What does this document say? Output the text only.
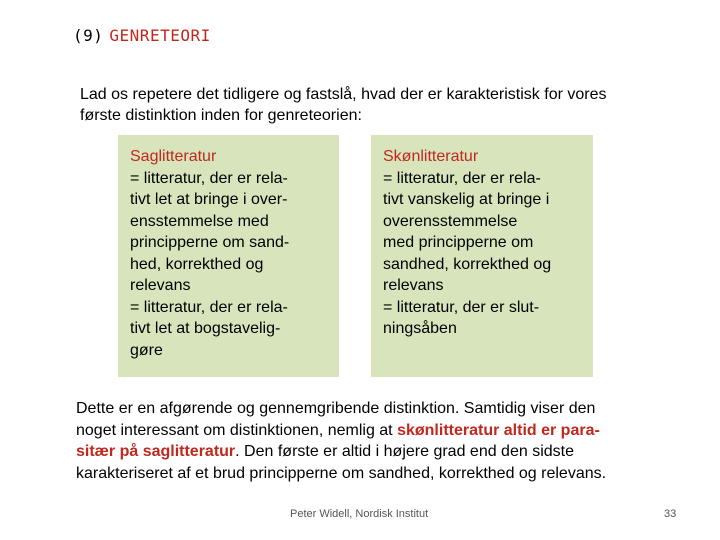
(9) GENRETEORI
Lad os repetere det tidligere og fastslå, hvad der er karakteristisk for vores
første distinktion inden for genreteorien:
Saglitteratur
= litteratur, der er rela-
tivt let at bringe i over-
ensstemmelse med
principperne om sand-
hed, korrekthed og
relevans
= litteratur, der er rela-
tivt let at bogstavelig-
gøre
Skønlitteratur
= litteratur, der er rela-
tivt vanskelig at bringe i
overensstemmelse
med principperne om
sandhed, korrekthed og
relevans
= litteratur, der er slut-
ningsåben
Dette er en afgørende og gennemgribende distinktion. Samtidig viser den
noget interessant om distinktionen, nemlig at skønlitteratur altid er para-
sitær på saglitteratur. Den første er altid i højere grad end den sidste
karakteriseret af et brud principperne om sandhed, korrekthed og relevans.
Peter Widell, Nordisk Institut	33
